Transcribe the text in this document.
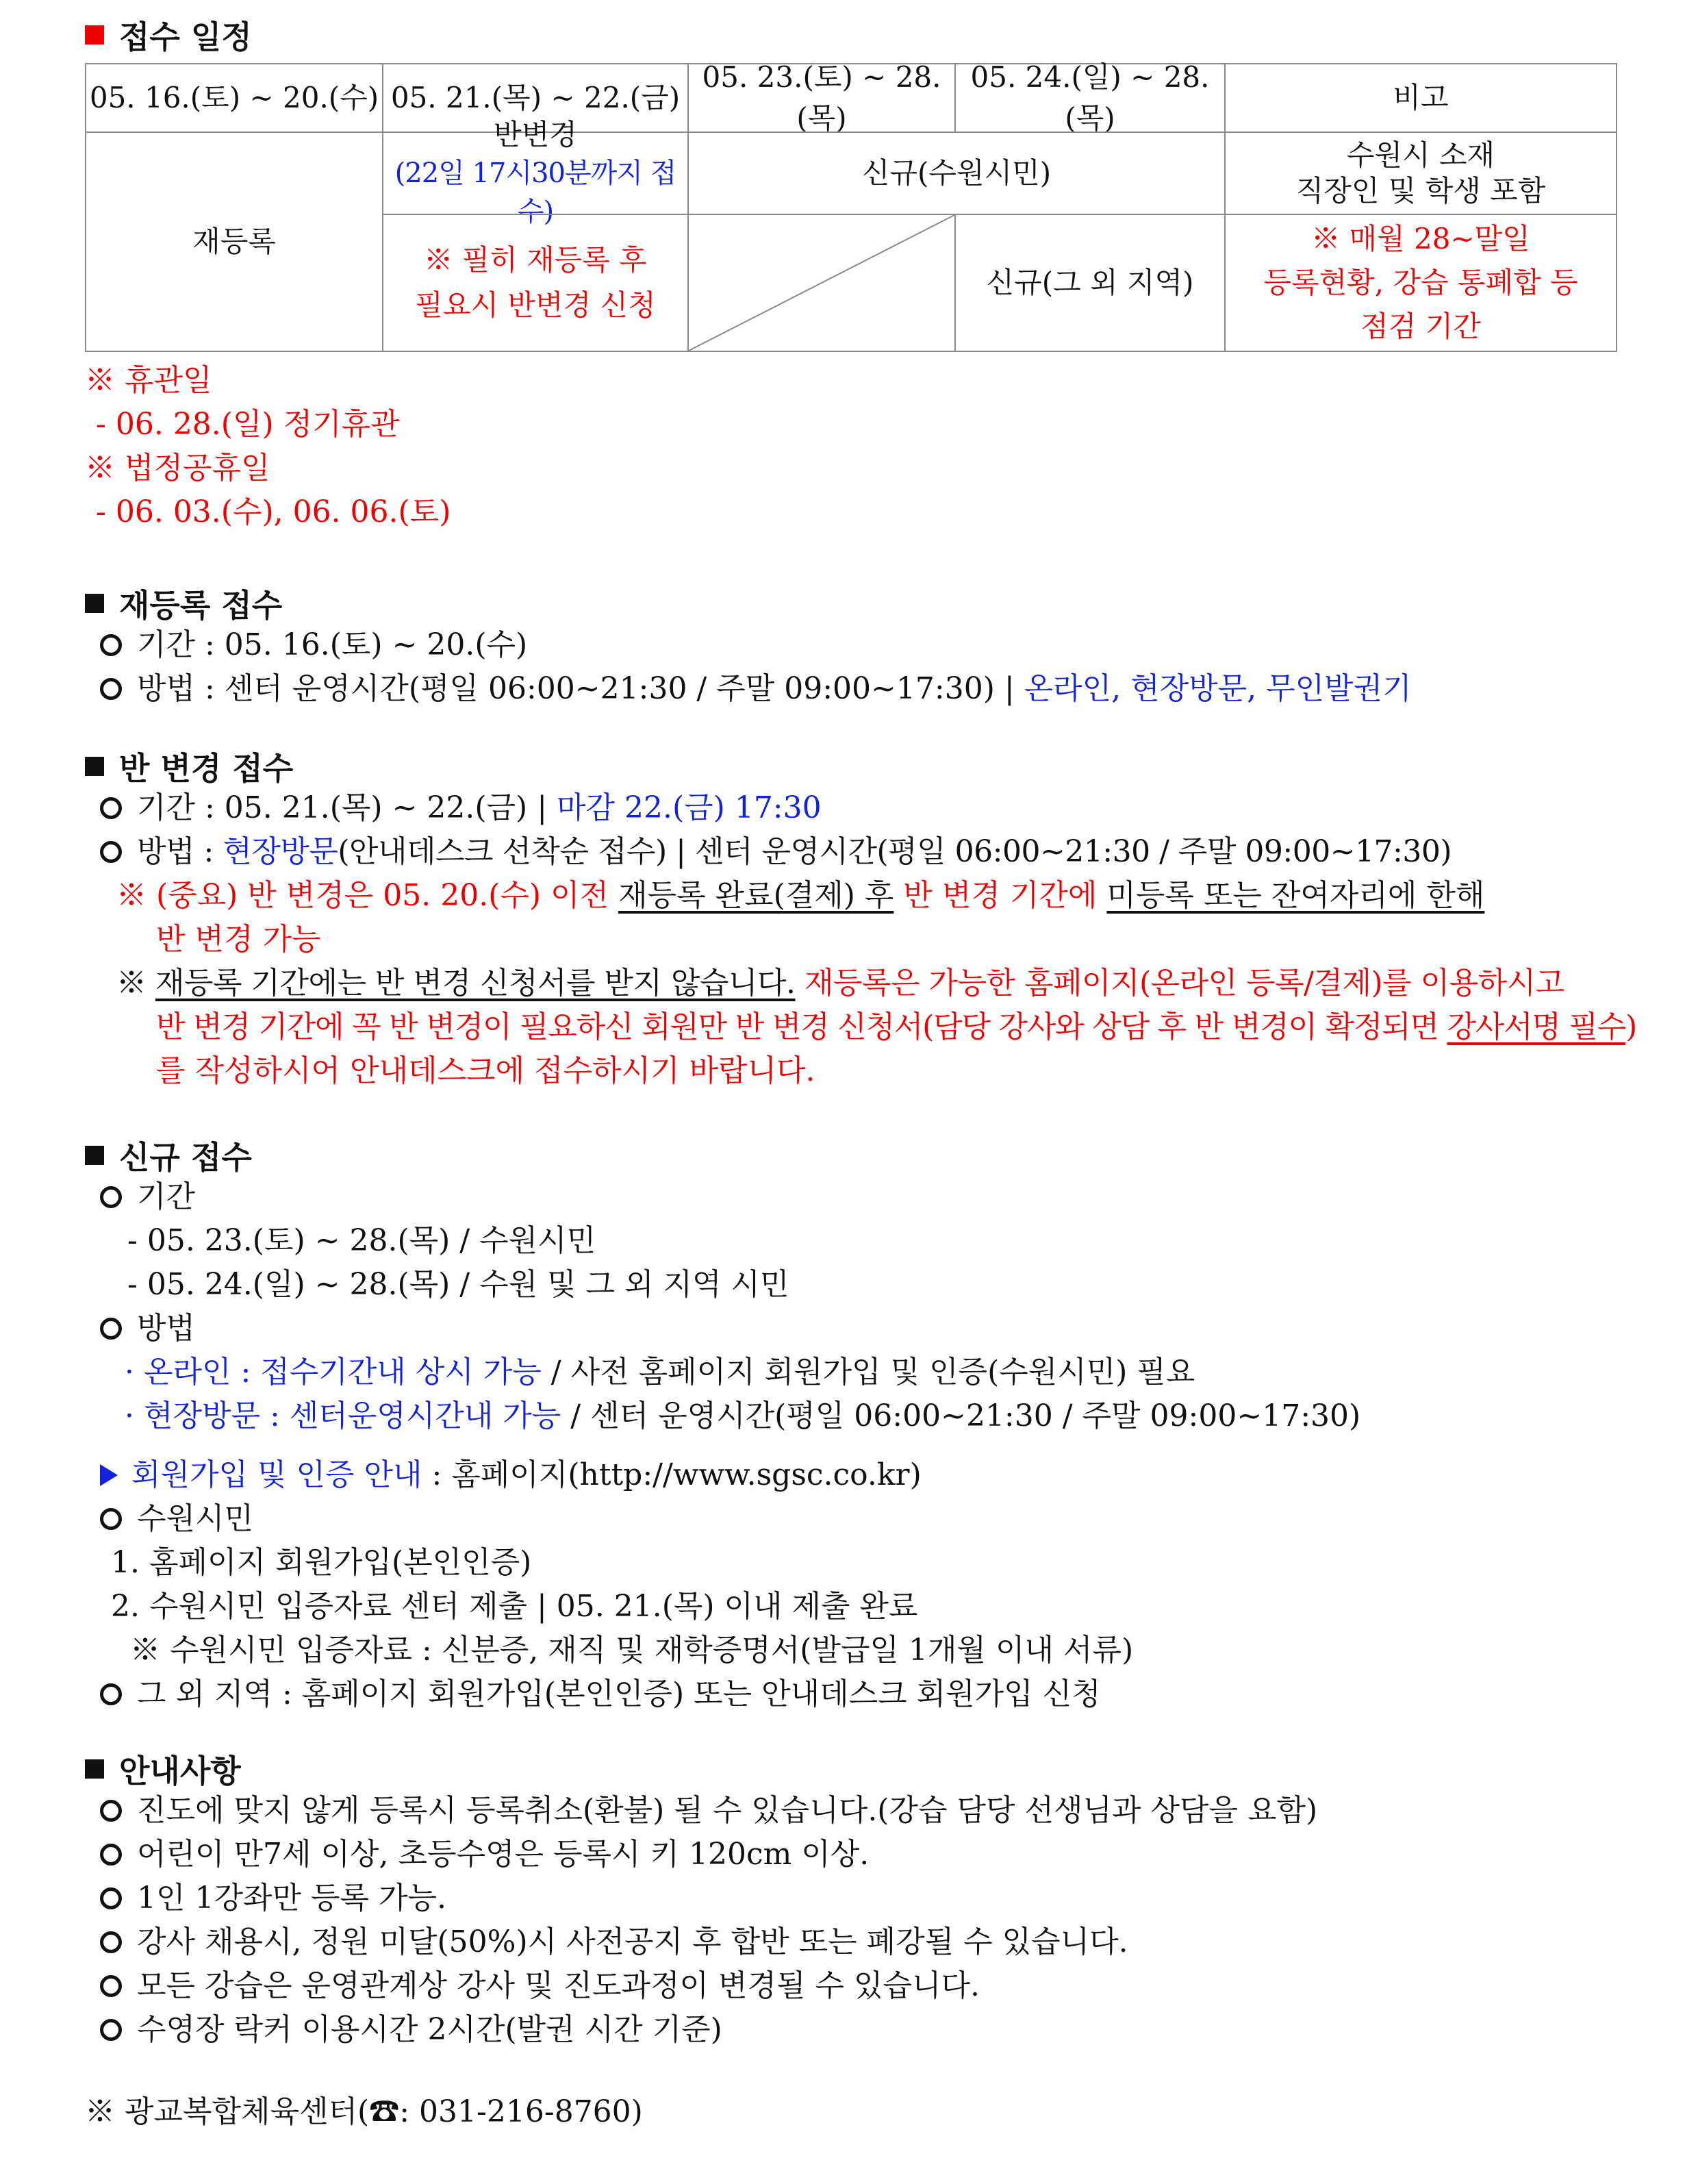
접수 일정
05. 16.(토) ~ 20.(수) 05. 21.(목) ~ 22.(금)
05. 23.(토) ~ 28.(목)
05. 24.(일) ~ 28.(목)
비고
재등록
반변경
(22일 17시30분까지 접수)
신규(수원시민)
수원시 소재
직장인 및 학생 포함
※ 필히 재등록 후
필요시 반변경 신청
신규(그 외 지역)
※ 매월 28~말일
등록현황, 강습 통폐합 등
점검 기간
※ 휴관일
- 06. 28.(일) 정기휴관
※ 법정공휴일
- 06. 03.(수), 06. 06.(토)
재등록 접수
기간 : 05. 16.(토) ~ 20.(수)
방법 : 센터 운영시간(평일 06:00~21:30 / 주말 09:00~17:30) | 온라인, 현장방문, 무인발권기
반 변경 접수
기간 : 05. 21.(목) ~ 22.(금) | 마감 22.(금) 17:30
방법 : 현장방문(안내데스크 선착순 접수) | 센터 운영시간(평일 06:00~21:30 / 주말 09:00~17:30)
※ (중요) 반 변경은 05. 20.(수) 이전 재등록 완료(결제) 후 반 변경 기간에 미등록 또는 잔여자리에 한해
반 변경 가능
※ 재등록 기간에는 반 변경 신청서를 받지 않습니다. 재등록은 가능한 홈페이지(온라인 등록/결제)를 이용하시고
반 변경 기간에 꼭 반 변경이 필요하신 회원만 반 변경 신청서(담당 강사와 상담 후 반 변경이 확정되면 강사서명 필수)
를 작성하시어 안내데스크에 접수하시기 바랍니다.
신규 접수
기간
- 05. 23.(토) ~ 28.(목) / 수원시민
- 05. 24.(일) ~ 28.(목) / 수원 및 그 외 지역 시민
방법
· 온라인 : 접수기간내 상시 가능 / 사전 홈페이지 회원가입 및 인증(수원시민) 필요
· 현장방문 : 센터운영시간내 가능 / 센터 운영시간(평일 06:00~21:30 / 주말 09:00~17:30)
회원가입 및 인증 안내 : 홈페이지(http://www.sgsc.co.kr)
수원시민
1. 홈페이지 회원가입(본인인증)
2. 수원시민 입증자료 센터 제출 | 05. 21.(목) 이내 제출 완료
※ 수원시민 입증자료 : 신분증, 재직 및 재학증명서(발급일 1개월 이내 서류)
그 외 지역 : 홈페이지 회원가입(본인인증) 또는 안내데스크 회원가입 신청
안내사항
진도에 맞지 않게 등록시 등록취소(환불) 될 수 있습니다.(강습 담당 선생님과 상담을 요함)
어린이 만7세 이상, 초등수영은 등록시 키 120cm 이상.
1인 1강좌만 등록 가능.
강사 채용시, 정원 미달(50%)시 사전공지 후 합반 또는 폐강될 수 있습니다.
모든 강습은 운영관계상 강사 및 진도과정이 변경될 수 있습니다.
수영장 락커 이용시간 2시간(발권 시간 기준)
※ 광교복합체육센터(☎: 031-216-8760)
